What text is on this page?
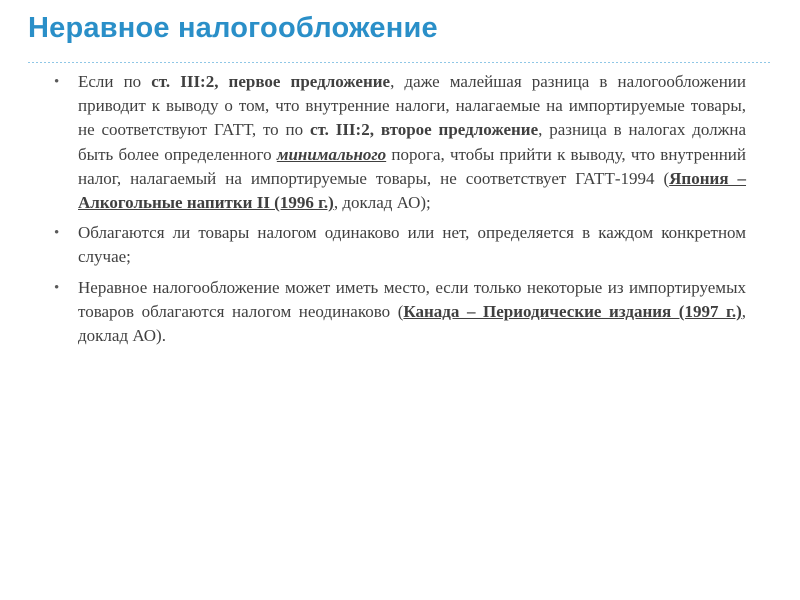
Неравное налогообложение
• Если по ст. III:2, первое предложение, даже малейшая разница в налогообложении приводит к выводу о том, что внутренние налоги, налагаемые на импортируемые товары, не соответствуют ГАТТ, то по ст. III:2, второе предложение, разница в налогах должна быть более определенного минимального порога, чтобы прийти к выводу, что внутренний налог, налагаемый на импортируемые товары, не соответствует ГАТТ-1994 (Япония – Алкогольные напитки II (1996 г.), доклад АО);
• Облагаются ли товары налогом одинаково или нет, определяется в каждом конкретном случае;
• Неравное налогообложение может иметь место, если только некоторые из импортируемых товаров облагаются налогом неодинаково (Канада – Периодические издания (1997 г.), доклад АО).
